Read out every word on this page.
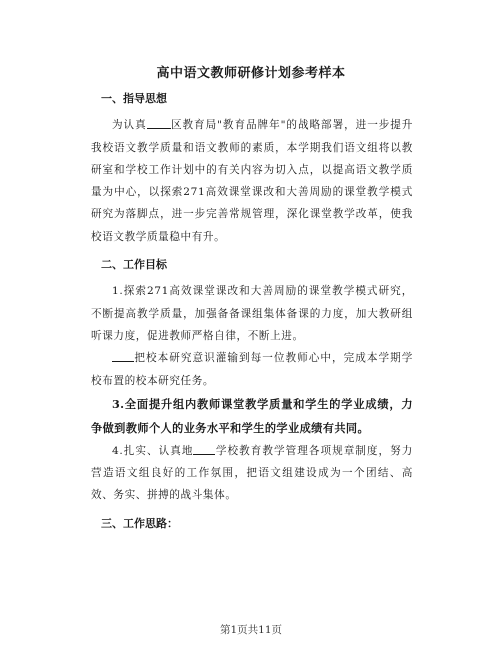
高中语文教师研修计划参考样本
一、指导思想

为认真 区教育局"教育品牌年"的战略部署，进一步提升我校语文教学质量和语文教师的素质，本学期我们语文组将以教研室和学校工作计划中的有关内容为切入点，以提高语文教学质量为中心，以探索271高效课堂课改和大善周励的课堂教学模式研究为落脚点，进一步完善常规管理，深化课堂教学改革，使我校语文教学质量稳中有升。

二、工作目标

1.探索271高效课堂课改和大善周励的课堂教学模式研究，不断提高教学质量，加强备备课组集体备课的力度，加大教研组听课力度，促进教师严格自律，不断上进。

把校本研究意识灌输到每一位教师心中，完成本学期学校布置的校本研究任务。

3.全面提升组内教师课堂教学质量和学生的学业成绩，力争做到教师个人的业务水平和学生的学业成绩有共同。

4.扎实、认真地 学校教育教学管理各项规章制度，努力营造语文组良好的工作氛围，把语文组建设成为一个团结、高效、务实、拼搏的战斗集体。

三、工作思路：
第1页共11页
